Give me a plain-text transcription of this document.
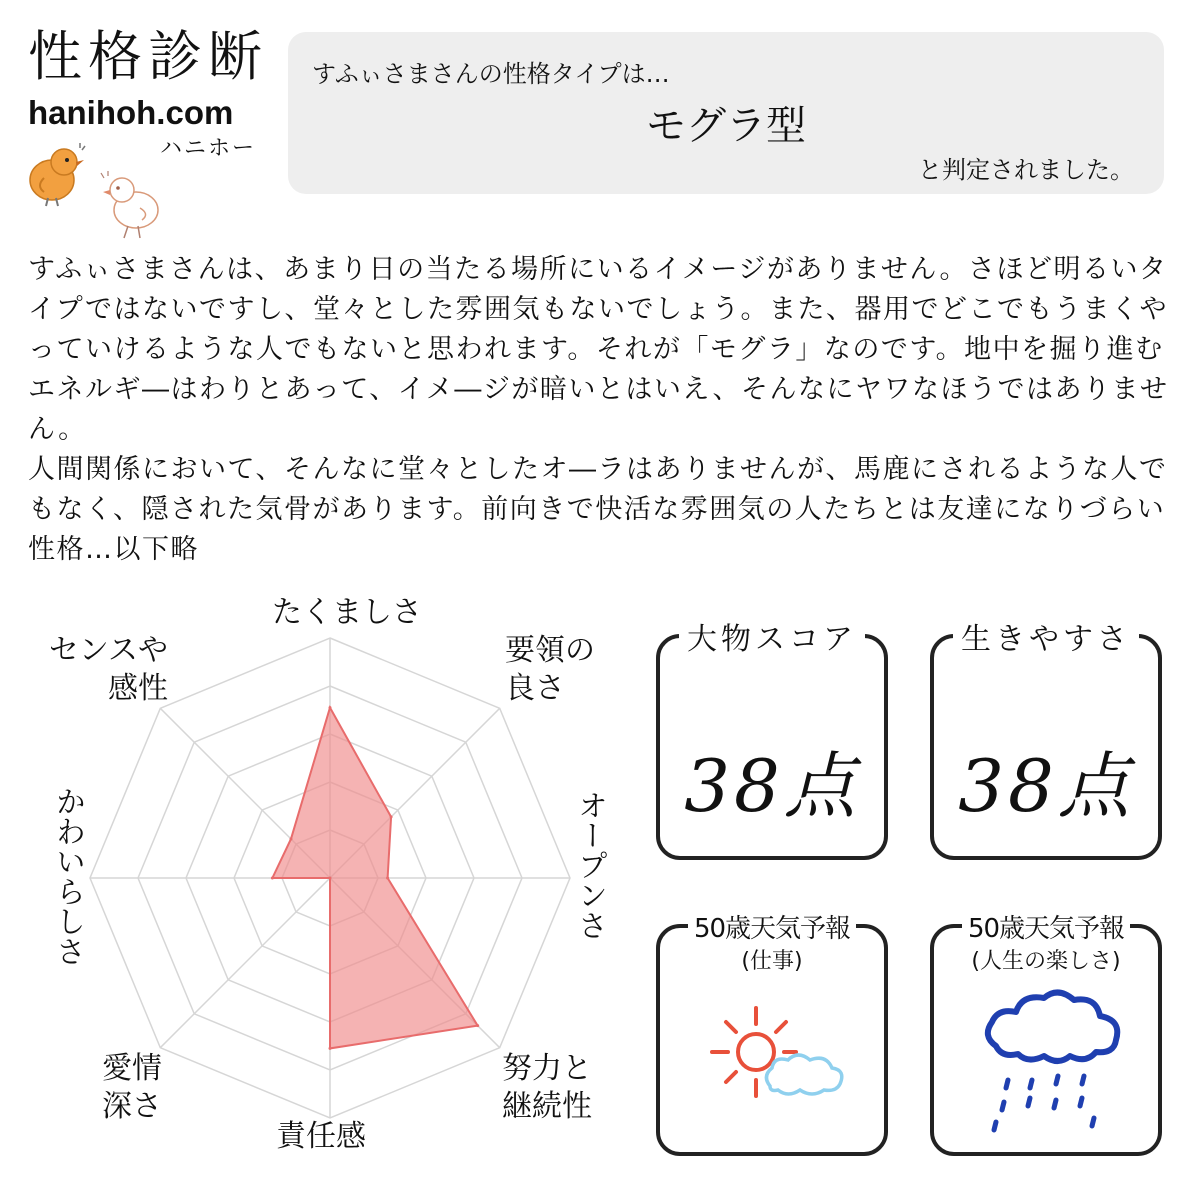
性格診断
hanihoh.com
ハニホー
すふぃさまさんの性格タイプは…
モグラ型
と判定されました。

すふぃさまさんは、あまり日の当たる場所にいるイメージがありません。さほど明るいタイプではないですし、堂々とした雰囲気もないでしょう。また、器用でどこでもうまくやっていけるような人でもないと思われます。それが「モグラ」なのです。地中を掘り進むエネルギ―はわりとあって、イメ―ジが暗いとはいえ、そんなにヤワなほうではありません。

人間関係において、そんなに堂々としたオ―ラはありませんが、馬鹿にされるような人でもなく、隠された気骨があります。前向きで快活な雰囲気の人たちとは友達になりづらい性格…以下略

たくましさ
要領の良さ
オープンさ
努力と継続性
責任感
愛情深さ
かわいらしさ
センスや感性
大物スコア
38点
生きやすさ
38点
50歳天気予報
(仕事)
50歳天気予報
(人生の楽しさ)
